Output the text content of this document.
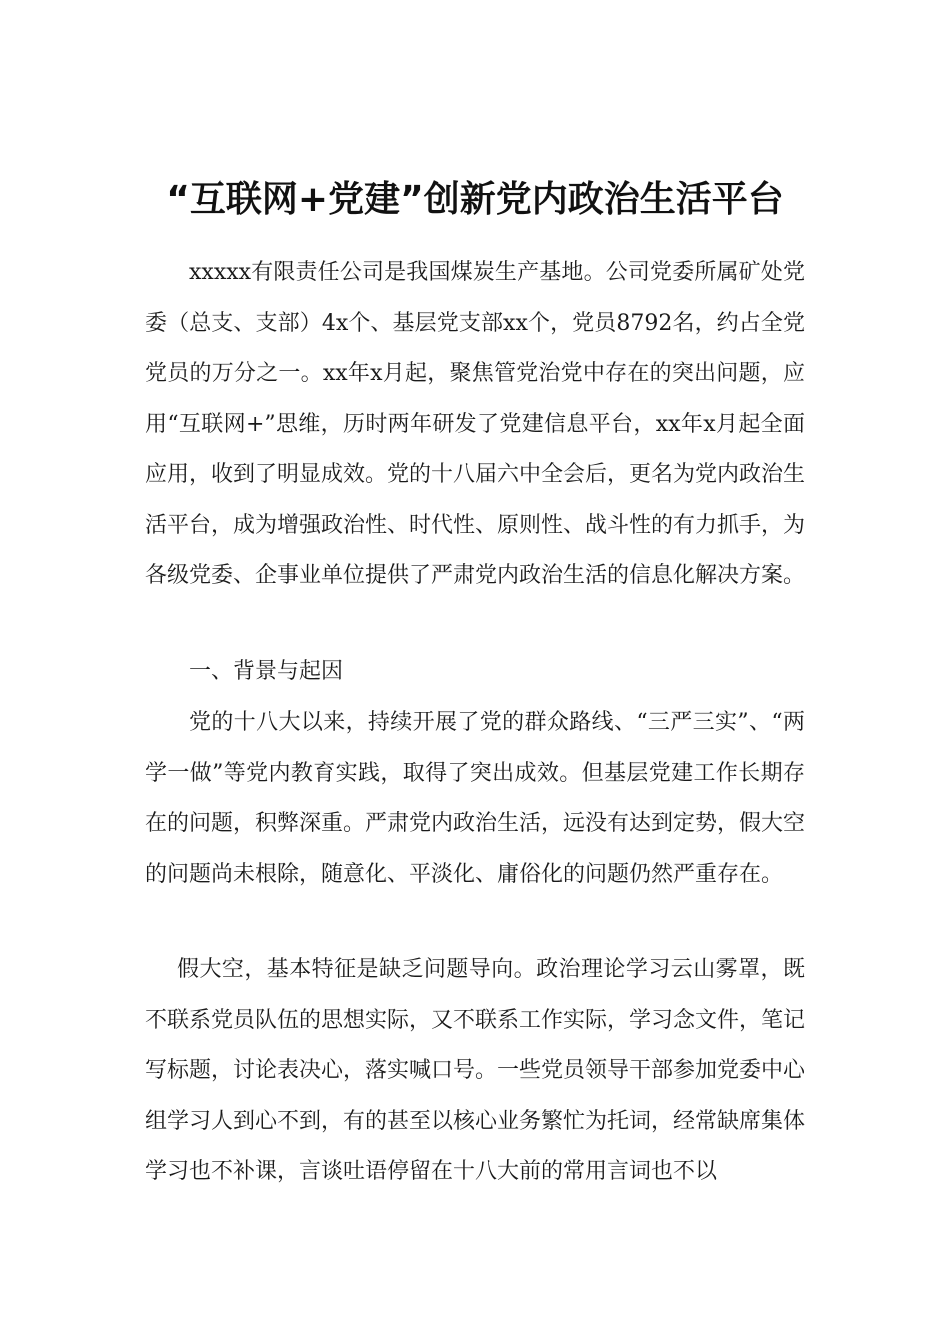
“互联网+党建”创新党内政治生活平台

xxxxx有限责任公司是我国煤炭生产基地。公司党委所属矿处党委（总支、支部）4x个、基层党支部xx个，党员8792名，约占全党党员的万分之一。xx年x月起，聚焦管党治党中存在的突出问题，应用“互联网+”思维，历时两年研发了党建信息平台，xx年x月起全面应用，收到了明显成效。党的十八届六中全会后，更名为党内政治生活平台，成为增强政治性、时代性、原则性、战斗性的有力抓手，为各级党委、企事业单位提供了严肃党内政治生活的信息化解决方案。

一、背景与起因

党的十八大以来，持续开展了党的群众路线、“三严三实”、“两学一做”等党内教育实践，取得了突出成效。但基层党建工作长期存在的问题，积弊深重。严肃党内政治生活，远没有达到定势，假大空的问题尚未根除，随意化、平淡化、庸俗化的问题仍然严重存在。

假大空，基本特征是缺乏问题导向。政治理论学习云山雾罩，既不联系党员队伍的思想实际，又不联系工作实际，学习念文件，笔记写标题，讨论表决心，落实喊口号。一些党员领导干部参加党委中心组学习人到心不到，有的甚至以核心业务繁忙为托词，经常缺席集体学习也不补课，言谈吐语停留在十八大前的常用言词也不以
